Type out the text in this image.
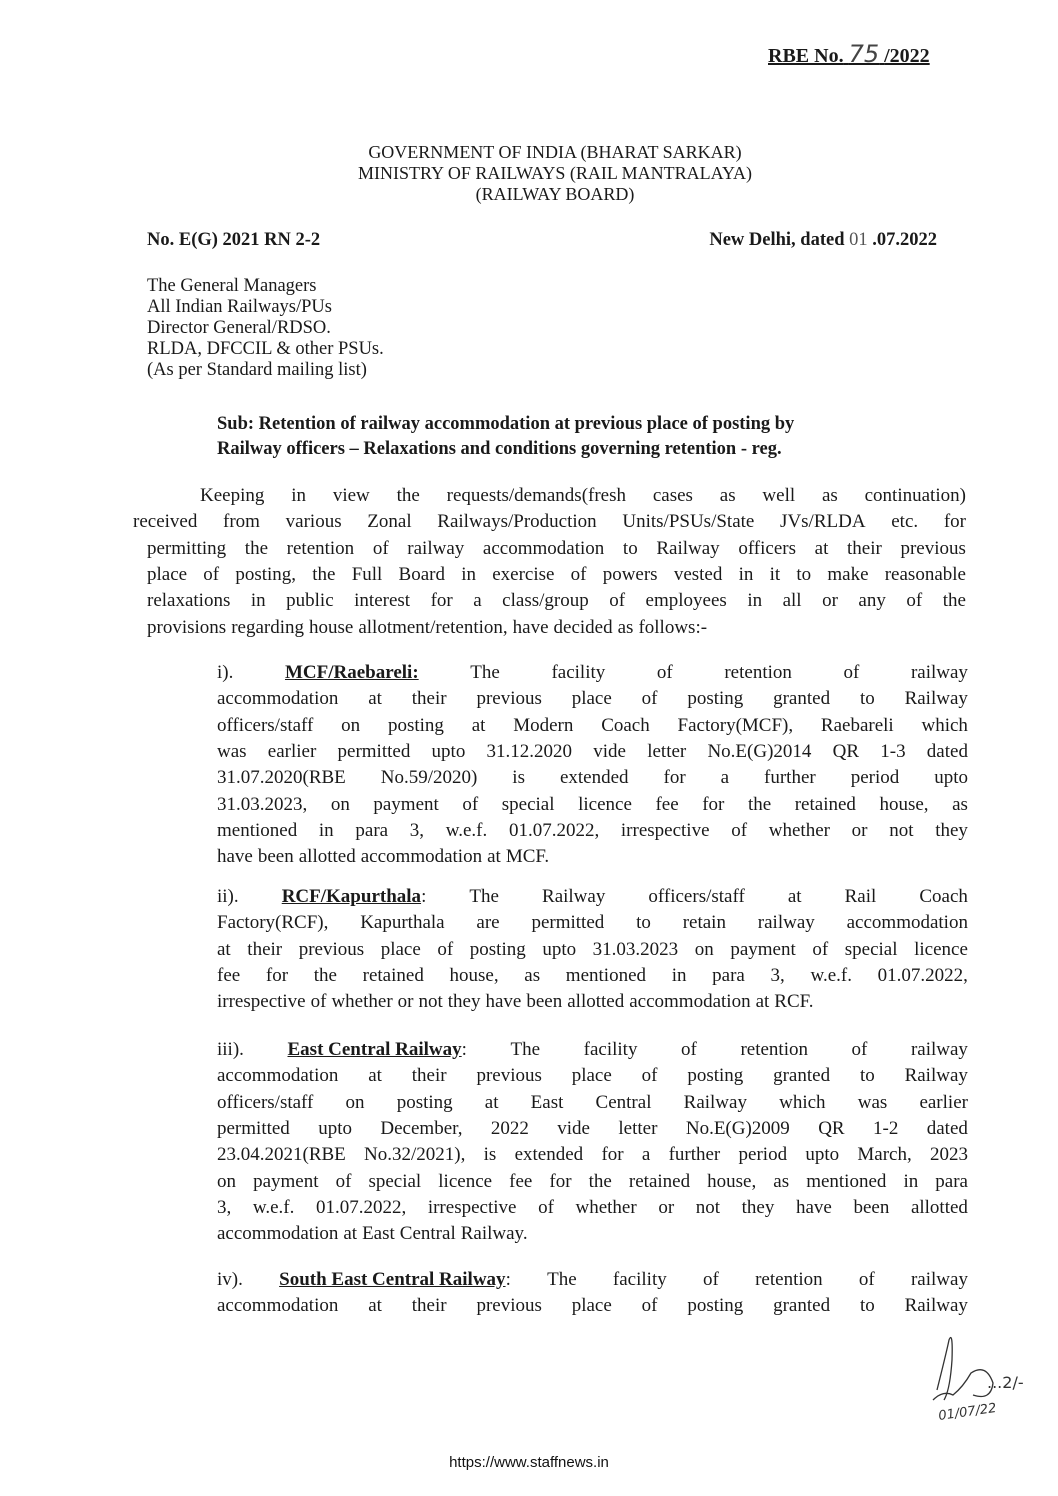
RBE No. 75 /2022
GOVERNMENT OF INDIA (BHARAT SARKAR)
MINISTRY OF RAILWAYS (RAIL MANTRALAYA)
(RAILWAY BOARD)
No. E(G) 2021 RN 2-2	New Delhi, dated 01 .07.2022
The General Managers
All Indian Railways/PUs
Director General/RDSO.
RLDA, DFCCIL & other PSUs.
(As per Standard mailing list)
Sub: Retention of railway accommodation at previous place of posting by
Railway officers – Relaxations and conditions governing retention - reg.
Keeping in view the requests/demands(fresh cases as well as continuation)
received from various Zonal Railways/Production Units/PSUs/State JVs/RLDA etc. for
permitting the retention of railway accommodation to Railway officers at their previous
place of posting, the Full Board in exercise of powers vested in it to make reasonable
relaxations in public interest for a class/group of employees in all or any of the
provisions regarding house allotment/retention, have decided as follows:-
i).	MCF/Raebareli:	The	facility	of	retention	of	railway
accommodation at their previous place of posting granted to Railway
officers/staff on posting at Modern Coach Factory(MCF), Raebareli which
was earlier permitted upto 31.12.2020 vide letter No.E(G)2014 QR 1-3 dated
31.07.2020(RBE No.59/2020) is extended for a further period upto
31.03.2023, on payment of special licence fee for the retained house, as
mentioned in para 3, w.e.f. 01.07.2022, irrespective of whether or not they
have been allotted accommodation at MCF.
ii). RCF/Kapurthala: The Railway officers/staff at Rail Coach
Factory(RCF), Kapurthala are permitted to retain railway accommodation
at their previous place of posting upto 31.03.2023 on payment of special licence
fee for the retained house, as mentioned in para 3, w.e.f. 01.07.2022,
irrespective of whether or not they have been allotted accommodation at RCF.
iii). East Central Railway: The facility of retention of railway
accommodation at their previous place of posting granted to Railway
officers/staff on posting at East Central Railway which was earlier
permitted upto December, 2022 vide letter No.E(G)2009 QR 1-2 dated
23.04.2021(RBE No.32/2021), is extended for a further period upto March, 2023
on payment of special licence fee for the retained house, as mentioned in para
3, w.e.f. 01.07.2022, irrespective of whether or not they have been allotted
accommodation at East Central Railway.
iv). South East Central Railway: The facility of retention of railway
accommodation at their previous place of posting granted to Railway
...2/-
01/07/22
https://www.staffnews.in
